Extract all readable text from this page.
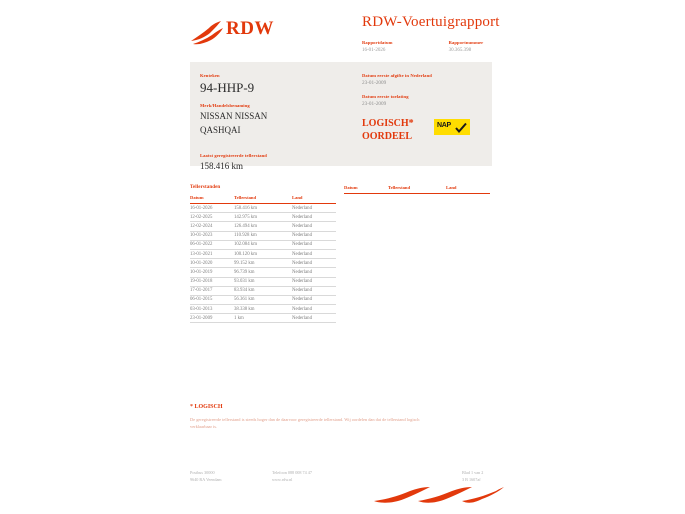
RDW	RDW-Voertuigrapport
Rapportdatum
16-01-2026
Rapportnummer
30.365.398
Kenteken
94-HHP-9
Merk/Handelsbenaming
NISSAN NISSAN
QASHQAI
Laatst geregistreerde tellerstand
158.416 km
Datum eerste afgifte in Nederland
23-01-2009
Datum eerste toelating
23-01-2009
LOGISCH*
OORDEEL
NAP
Tellerstanden
Datum	Tellerstand	Land
16-01-2026	158.416 km	Nederland
12-02-2025	142.975 km	Nederland
12-02-2024	126.494 km	Nederland
10-01-2023	110.928 km	Nederland
06-01-2022	102.084 km	Nederland
13-01-2021	100.120 km	Nederland
10-01-2020	99.152 km	Nederland
10-01-2019	96.739 km	Nederland
19-01-2018	93.031 km	Nederland
17-01-2017	83.934 km	Nederland
06-01-2015	56.361 km	Nederland
03-01-2013	38.338 km	Nederland
23-01-2009	1 km	Nederland
Datum	Tellerstand	Land
* LOGISCH
De geregistreerde tellerstand is steeds hoger dan de daarvoor geregistreerde tellerstand. Wij oordelen dan dat de tellerstand logisch verklaarbaar is.
Postbus 30000
9640 RA Veendam
Telefoon 088 008 74 47
www.rdw.nl
Blad 1 van 2
3 B 1607af
